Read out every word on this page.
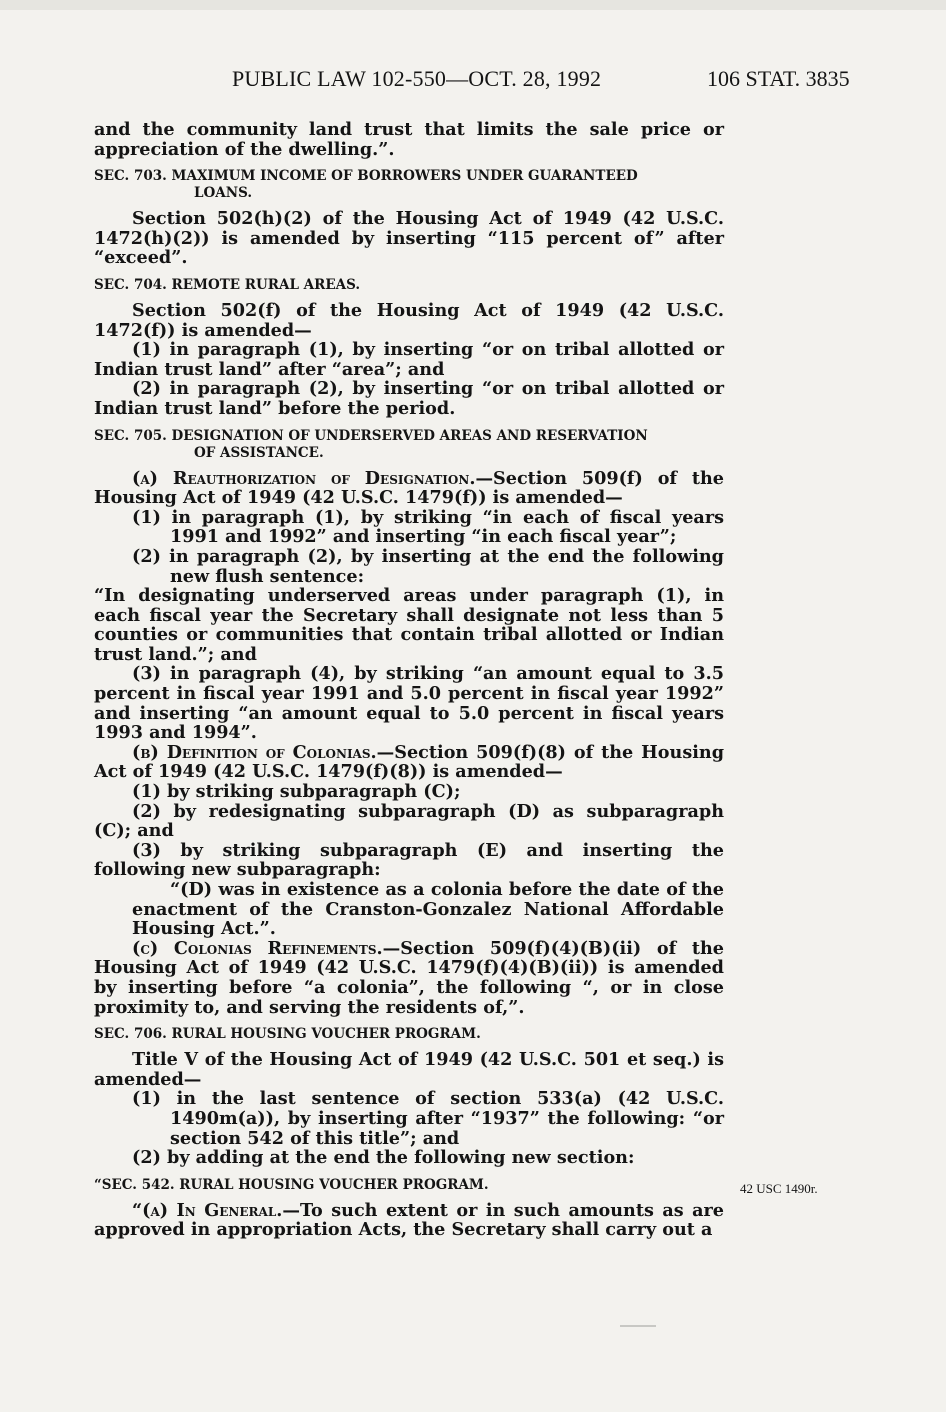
PUBLIC LAW 102-550—OCT. 28, 1992	106 STAT. 3835

and the community land trust that limits the sale price or appreciation of the dwelling.”.

SEC. 703. MAXIMUM INCOME OF BORROWERS UNDER GUARANTEED
LOANS.

Section 502(h)(2) of the Housing Act of 1949 (42 U.S.C. 1472(h)(2)) is amended by inserting “115 percent of” after “exceed”.

SEC. 704. REMOTE RURAL AREAS.

Section 502(f) of the Housing Act of 1949 (42 U.S.C. 1472(f)) is amended—

(1) in paragraph (1), by inserting “or on tribal allotted or Indian trust land” after “area”; and

(2) in paragraph (2), by inserting “or on tribal allotted or Indian trust land” before the period.

SEC. 705. DESIGNATION OF UNDERSERVED AREAS AND RESERVATION
OF ASSISTANCE.

(a) Reauthorization of Designation.—Section 509(f) of the Housing Act of 1949 (42 U.S.C. 1479(f)) is amended—

(1) in paragraph (1), by striking “in each of fiscal years 1991 and 1992” and inserting “in each fiscal year”;

(2) in paragraph (2), by inserting at the end the following new flush sentence:

“In designating underserved areas under paragraph (1), in each fiscal year the Secretary shall designate not less than 5 counties or communities that contain tribal allotted or Indian trust land.”; and

(3) in paragraph (4), by striking “an amount equal to 3.5 percent in fiscal year 1991 and 5.0 percent in fiscal year 1992” and inserting “an amount equal to 5.0 percent in fiscal years 1993 and 1994”.

(b) Definition of Colonias.—Section 509(f)(8) of the Housing Act of 1949 (42 U.S.C. 1479(f)(8)) is amended—

(1) by striking subparagraph (C);

(2) by redesignating subparagraph (D) as subparagraph (C); and

(3) by striking subparagraph (E) and inserting the following new subparagraph:

“(D) was in existence as a colonia before the date of the enactment of the Cranston-Gonzalez National Affordable Housing Act.”.

(c) Colonias Refinements.—Section 509(f)(4)(B)(ii) of the Housing Act of 1949 (42 U.S.C. 1479(f)(4)(B)(ii)) is amended by inserting before “a colonia”, the following “, or in close proximity to, and serving the residents of,”.

SEC. 706. RURAL HOUSING VOUCHER PROGRAM.

Title V of the Housing Act of 1949 (42 U.S.C. 501 et seq.) is amended—

(1) in the last sentence of section 533(a) (42 U.S.C. 1490m(a)), by inserting after “1937” the following: “or section 542 of this title”; and

(2) by adding at the end the following new section:

“SEC. 542. RURAL HOUSING VOUCHER PROGRAM.

“(a) In General.—To such extent or in such amounts as are approved in appropriation Acts, the Secretary shall carry out a

42 USC 1490r.
